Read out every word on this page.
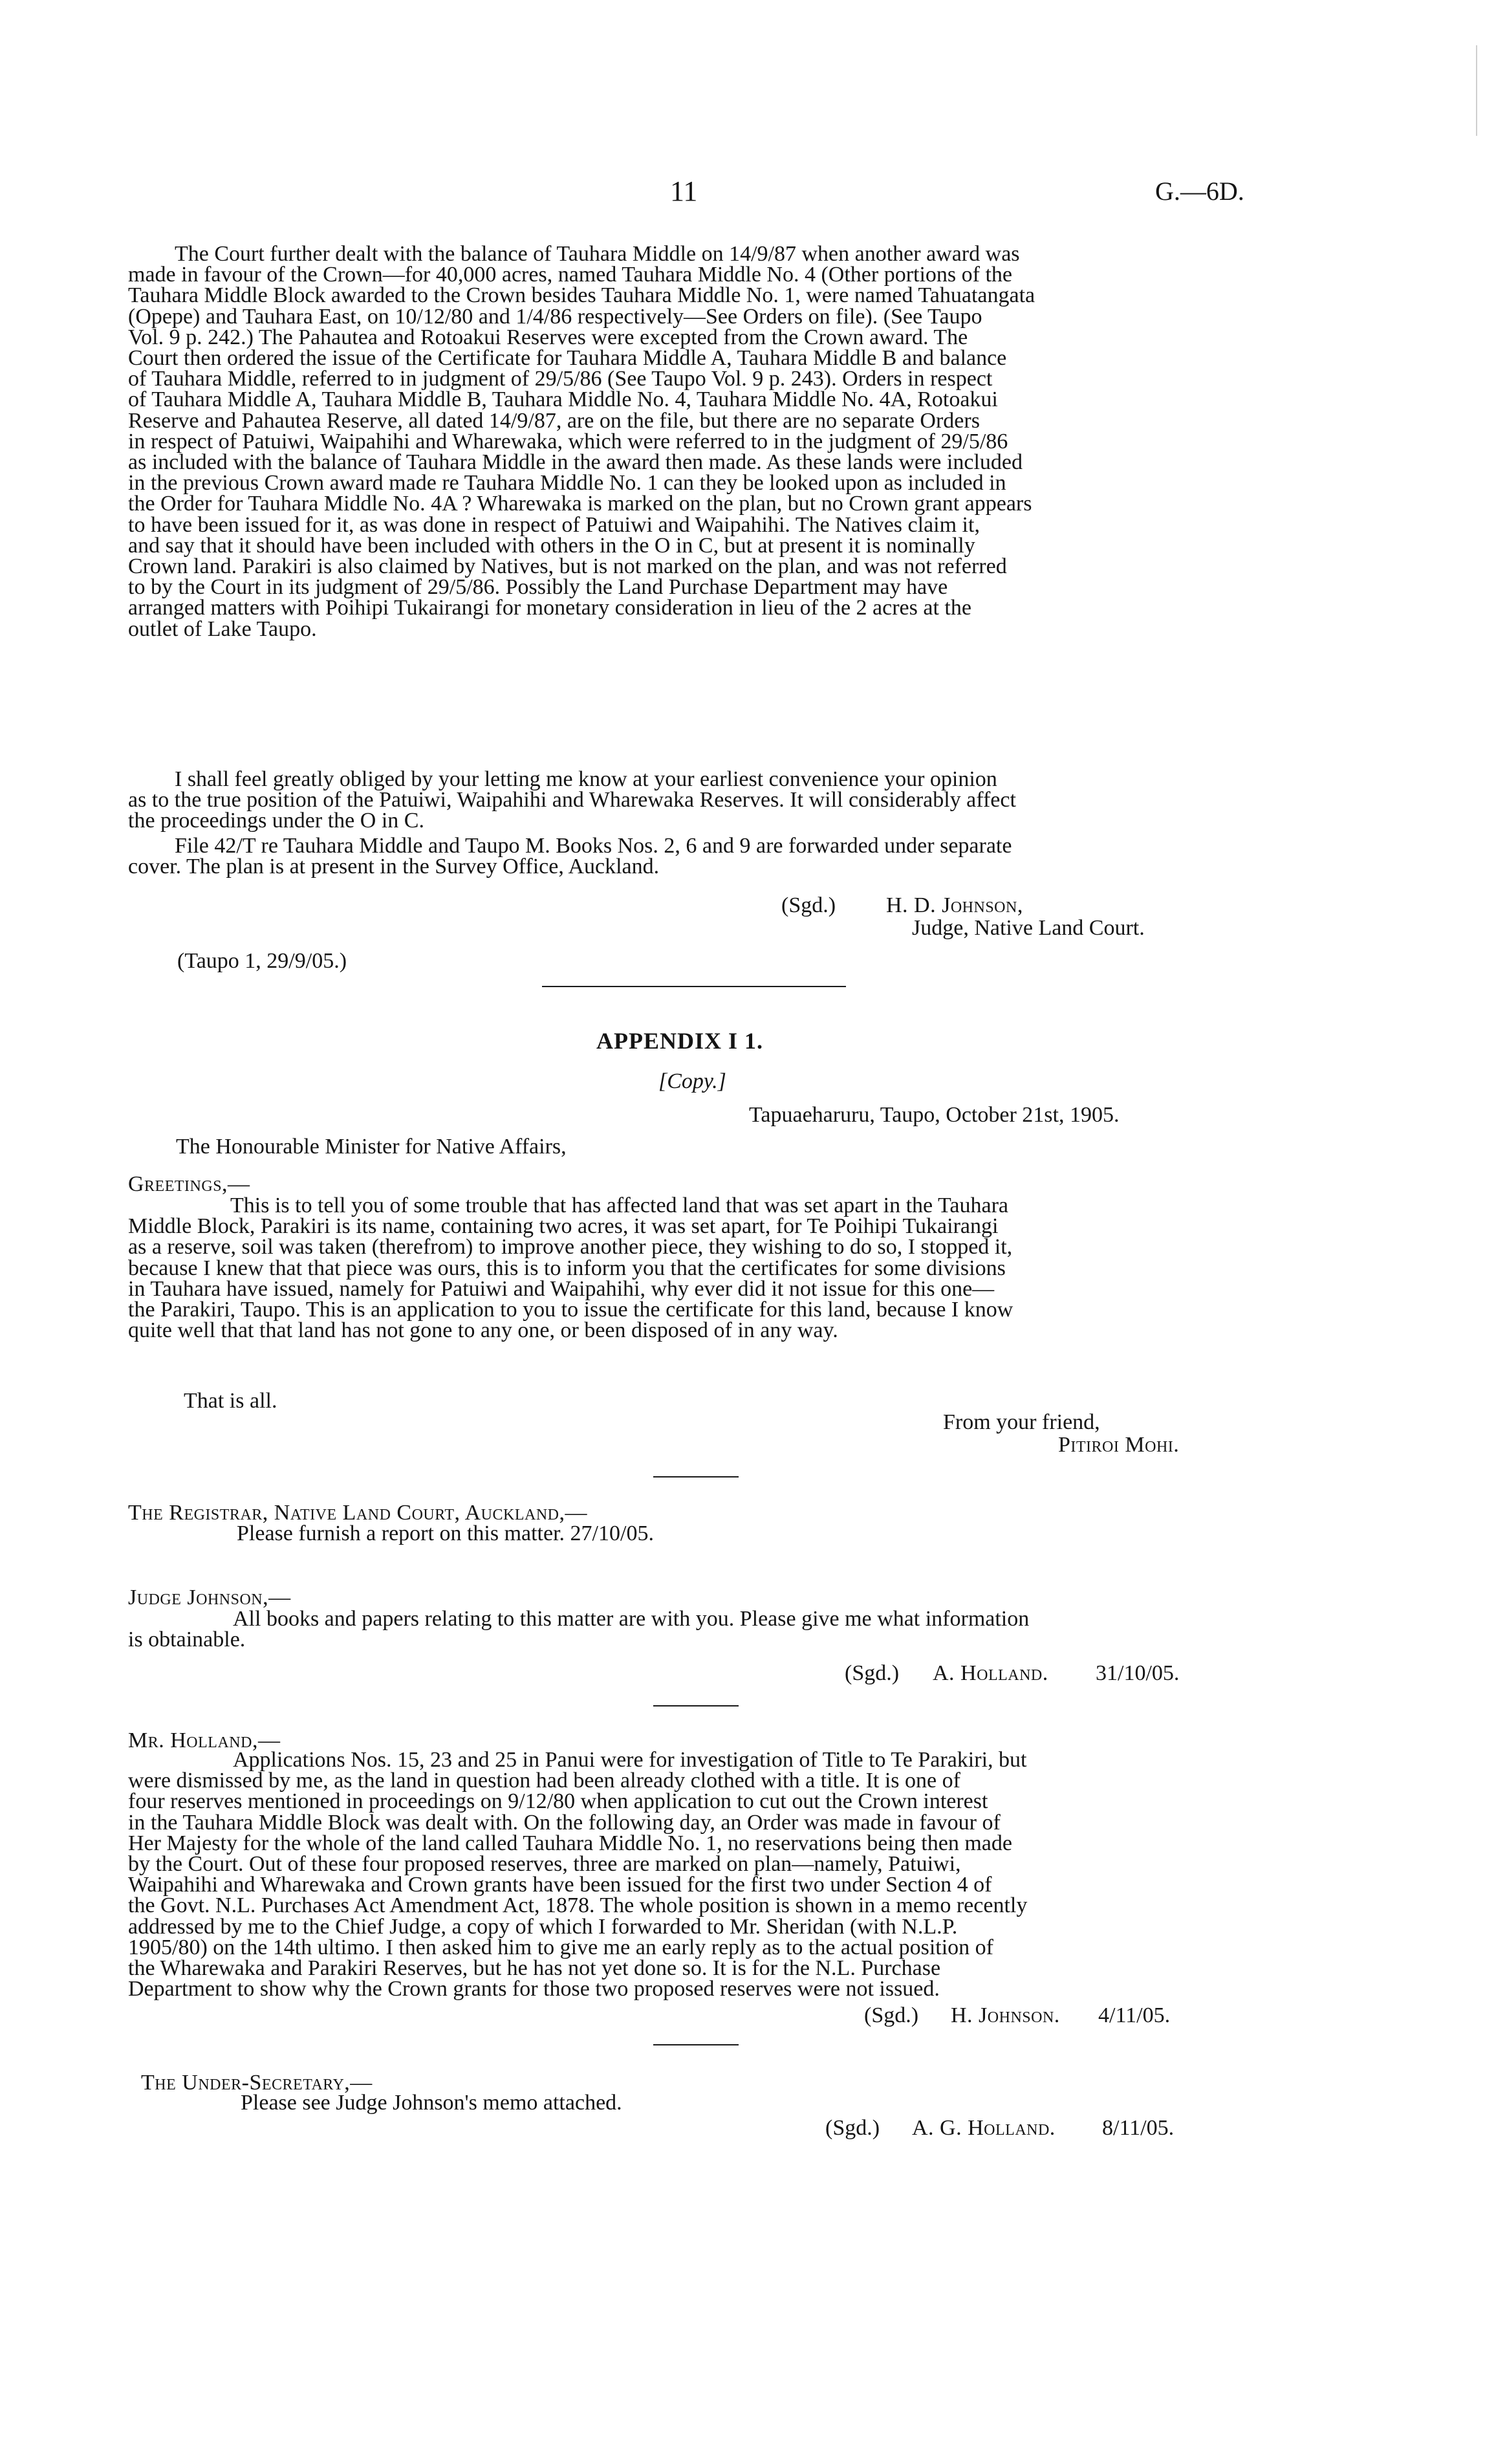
11	G.—6D.
The Court further dealt with the balance of Tauhara Middle on 14/9/87 when another award was
made in favour of the Crown—for 40,000 acres, named Tauhara Middle No. 4 (Other portions of the
Tauhara Middle Block awarded to the Crown besides Tauhara Middle No. 1, were named Tahuatangata
(Opepe) and Tauhara East, on 10/12/80 and 1/4/86 respectively—See Orders on file). (See Taupo
Vol. 9 p. 242.) The Pahautea and Rotoakui Reserves were excepted from the Crown award. The
Court then ordered the issue of the Certificate for Tauhara Middle A, Tauhara Middle B and balance
of Tauhara Middle, referred to in judgment of 29/5/86 (See Taupo Vol. 9 p. 243). Orders in respect
of Tauhara Middle A, Tauhara Middle B, Tauhara Middle No. 4, Tauhara Middle No. 4A, Rotoakui
Reserve and Pahautea Reserve, all dated 14/9/87, are on the file, but there are no separate Orders
in respect of Patuiwi, Waipahihi and Wharewaka, which were referred to in the judgment of 29/5/86
as included with the balance of Tauhara Middle in the award then made. As these lands were included
in the previous Crown award made re Tauhara Middle No. 1 can they be looked upon as included in
the Order for Tauhara Middle No. 4A ? Wharewaka is marked on the plan, but no Crown grant appears
to have been issued for it, as was done in respect of Patuiwi and Waipahihi. The Natives claim it,
and say that it should have been included with others in the O in C, but at present it is nominally
Crown land. Parakiri is also claimed by Natives, but is not marked on the plan, and was not referred
to by the Court in its judgment of 29/5/86. Possibly the Land Purchase Department may have
arranged matters with Poihipi Tukairangi for monetary consideration in lieu of the 2 acres at the
outlet of Lake Taupo.
I shall feel greatly obliged by your letting me know at your earliest convenience your opinion
as to the true position of the Patuiwi, Waipahihi and Wharewaka Reserves. It will considerably affect
the proceedings under the O in C.
File 42/T re Tauhara Middle and Taupo M. Books Nos. 2, 6 and 9 are forwarded under separate
cover. The plan is at present in the Survey Office, Auckland.
(Sgd.) H. D. Johnson,
Judge, Native Land Court.
(Taupo 1, 29/9/05.)
APPENDIX I 1.
[Copy.]
Tapuaeharuru, Taupo, October 21st, 1905.
The Honourable Minister for Native Affairs,
Greetings,—
This is to tell you of some trouble that has affected land that was set apart in the Tauhara
Middle Block, Parakiri is its name, containing two acres, it was set apart, for Te Poihipi Tukairangi
as a reserve, soil was taken (therefrom) to improve another piece, they wishing to do so, I stopped it,
because I knew that that piece was ours, this is to inform you that the certificates for some divisions
in Tauhara have issued, namely for Patuiwi and Waipahihi, why ever did it not issue for this one—
the Parakiri, Taupo. This is an application to you to issue the certificate for this land, because I know
quite well that that land has not gone to any one, or been disposed of in any way.
That is all.
From your friend,
Pitiroi Mohi.
The Registrar, Native Land Court, Auckland,—
Please furnish a report on this matter. 27/10/05.
Judge Johnson,—
All books and papers relating to this matter are with you. Please give me what information
is obtainable.
(Sgd.) A. Holland. 31/10/05.
Mr. Holland,—
Applications Nos. 15, 23 and 25 in Panui were for investigation of Title to Te Parakiri, but
were dismissed by me, as the land in question had been already clothed with a title. It is one of
four reserves mentioned in proceedings on 9/12/80 when application to cut out the Crown interest
in the Tauhara Middle Block was dealt with. On the following day, an Order was made in favour of
Her Majesty for the whole of the land called Tauhara Middle No. 1, no reservations being then made
by the Court. Out of these four proposed reserves, three are marked on plan—namely, Patuiwi,
Waipahihi and Wharewaka and Crown grants have been issued for the first two under Section 4 of
the Govt. N.L. Purchases Act Amendment Act, 1878. The whole position is shown in a memo recently
addressed by me to the Chief Judge, a copy of which I forwarded to Mr. Sheridan (with N.L.P.
1905/80) on the 14th ultimo. I then asked him to give me an early reply as to the actual position of
the Wharewaka and Parakiri Reserves, but he has not yet done so. It is for the N.L. Purchase
Department to show why the Crown grants for those two proposed reserves were not issued.
(Sgd.) H. Johnson. 4/11/05.
The Under-Secretary,—
Please see Judge Johnson's memo attached.
(Sgd.) A. G. Holland. 8/11/05.
